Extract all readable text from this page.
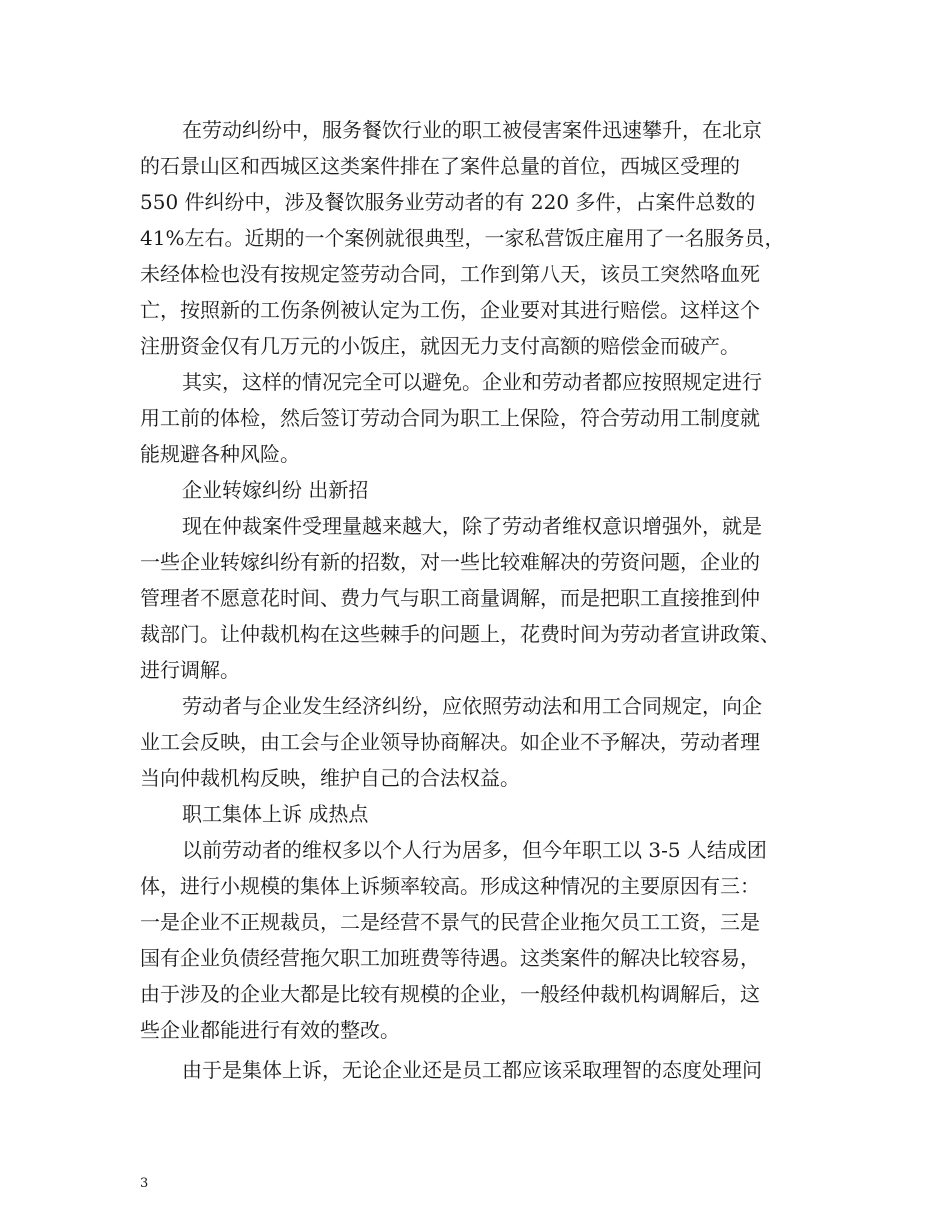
在劳动纠纷中，服务餐饮行业的职工被侵害案件迅速攀升，在北京
的石景山区和西城区这类案件排在了案件总量的首位，西城区受理的
550 件纠纷中，涉及餐饮服务业劳动者的有 220 多件，占案件总数的
41%左右。近期的一个案例就很典型，一家私营饭庄雇用了一名服务员，
未经体检也没有按规定签劳动合同，工作到第八天，该员工突然咯血死
亡，按照新的工伤条例被认定为工伤，企业要对其进行赔偿。这样这个
注册资金仅有几万元的小饭庄，就因无力支付高额的赔偿金而破产。
其实，这样的情况完全可以避免。企业和劳动者都应按照规定进行
用工前的体检，然后签订劳动合同为职工上保险，符合劳动用工制度就
能规避各种风险。
企业转嫁纠纷 出新招
现在仲裁案件受理量越来越大，除了劳动者维权意识增强外，就是
一些企业转嫁纠纷有新的招数，对一些比较难解决的劳资问题，企业的
管理者不愿意花时间、费力气与职工商量调解，而是把职工直接推到仲
裁部门。让仲裁机构在这些棘手的问题上，花费时间为劳动者宣讲政策、
进行调解。
劳动者与企业发生经济纠纷，应依照劳动法和用工合同规定，向企
业工会反映，由工会与企业领导协商解决。如企业不予解决，劳动者理
当向仲裁机构反映，维护自己的合法权益。
职工集体上诉 成热点
以前劳动者的维权多以个人行为居多，但今年职工以 3-5 人结成团
体，进行小规模的集体上诉频率较高。形成这种情况的主要原因有三：
一是企业不正规裁员，二是经营不景气的民营企业拖欠员工工资，三是
国有企业负债经营拖欠职工加班费等待遇。这类案件的解决比较容易，
由于涉及的企业大都是比较有规模的企业，一般经仲裁机构调解后，这
些企业都能进行有效的整改。
由于是集体上诉，无论企业还是员工都应该采取理智的态度处理问
3
